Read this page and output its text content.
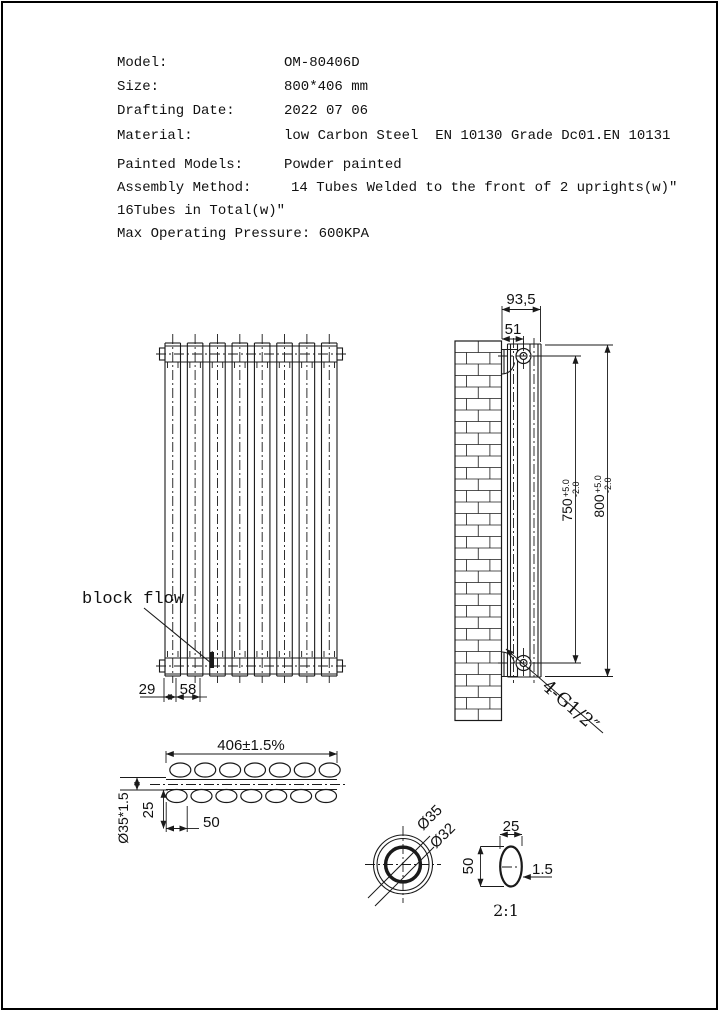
Model:

	OM-80406D

Size:

	800*406 mm

Drafting Date:

	2022 07 06

Material:

	low Carbon Steel  EN 10130 Grade Dc01.EN 10131

Painted Models:

	Powder painted

Assembly Method:

	14 Tubes Welded to the front of 2 uprights(w)″

16Tubes in Total(w)″

Max Operating Pressure: 600KPA

block flow
29 58
93,5
51
750
+5.0 -2.0
800
+5.0 -2.0
4-G1/2″
406±1.5%
Ø35*1.5 25
50	Ø35
Ø32	25
50	1.5
2:1
